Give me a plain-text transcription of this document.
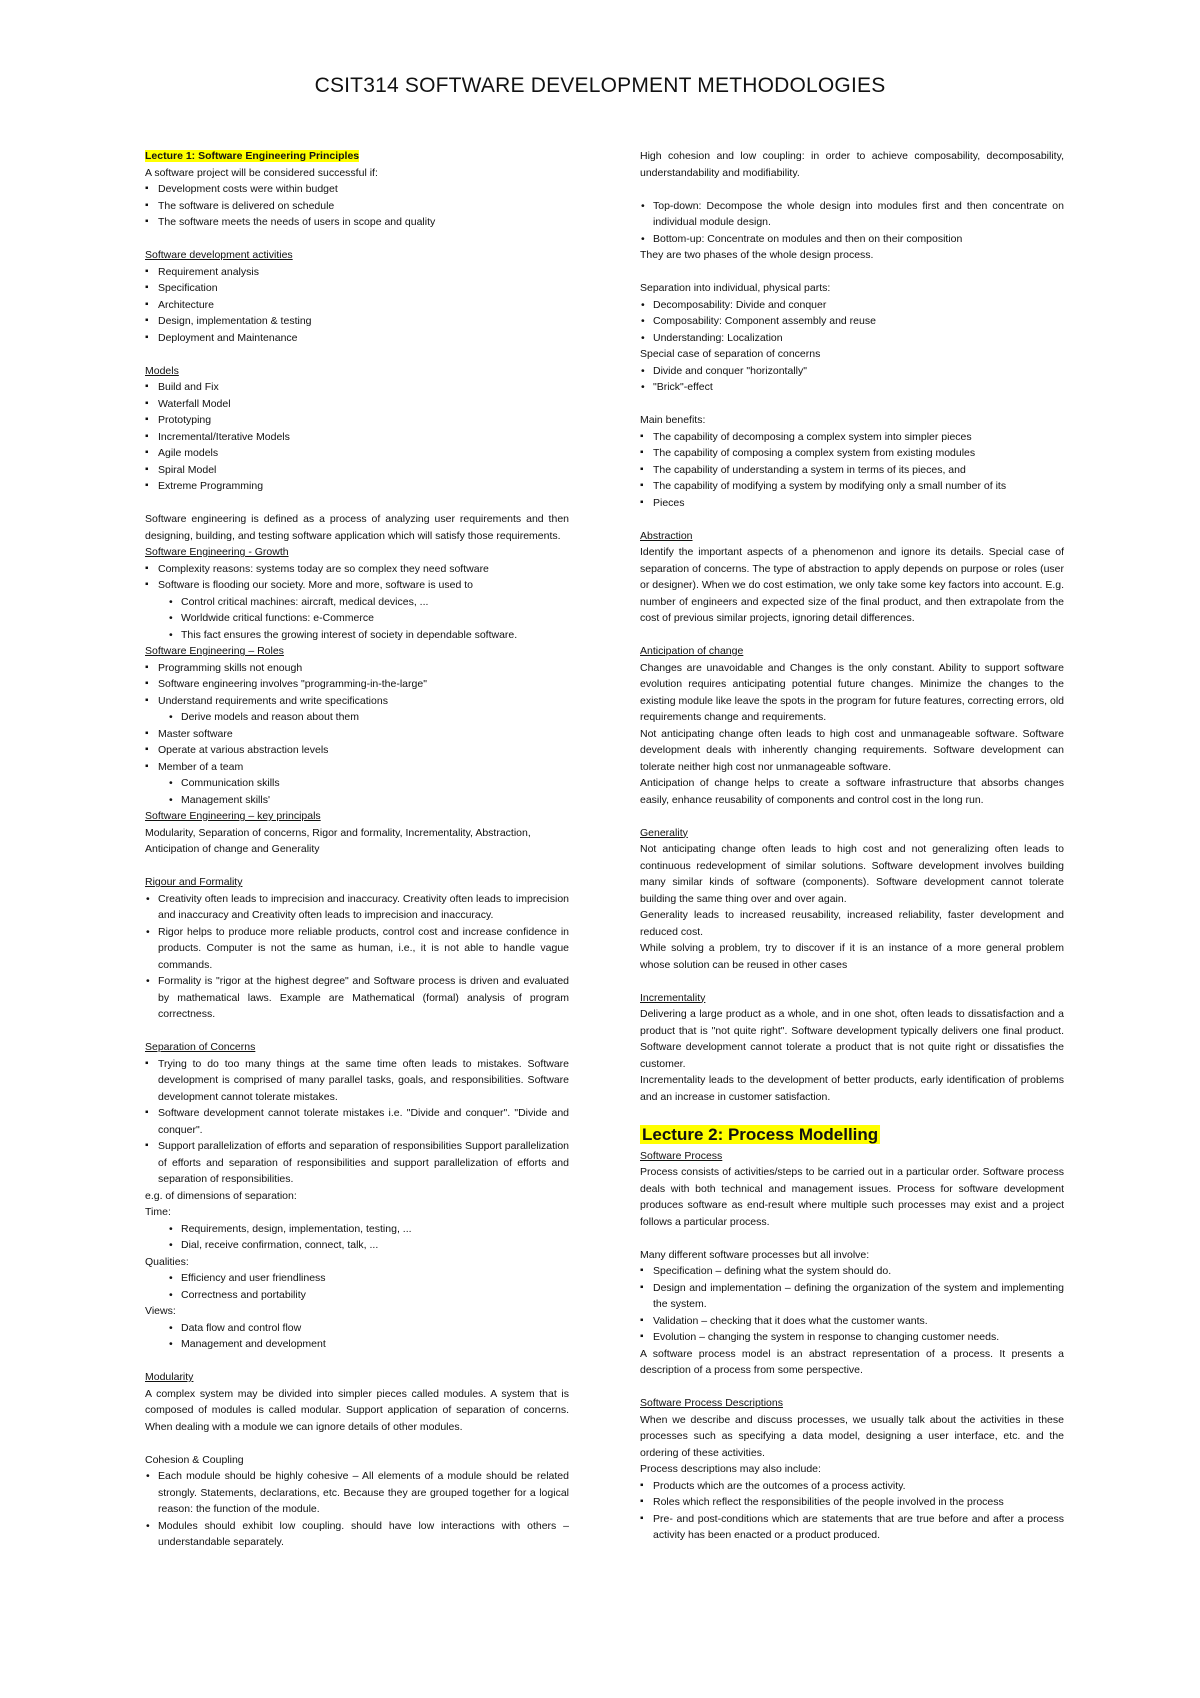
CSIT314 SOFTWARE DEVELOPMENT METHODOLOGIES
Lecture 1: Software Engineering Principles
A software project will be considered successful if:
▪ Development costs were within budget
▪ The software is delivered on schedule
▪ The software meets the needs of users in scope and quality
Software development activities
▪ Requirement analysis
▪ Specification
▪ Architecture
▪ Design, implementation & testing
▪ Deployment and Maintenance
Models
▪ Build and Fix
▪ Waterfall Model
▪ Prototyping
▪ Incremental/Iterative Models
▪ Agile models
▪ Spiral Model
▪ Extreme Programming
Software engineering is defined as a process of analyzing user requirements and then designing, building, and testing software application which will satisfy those requirements.
Software Engineering - Growth
▪ Complexity reasons: systems today are so complex they need software
▪ Software is flooding our society. More and more, software is used to
• Control critical machines: aircraft, medical devices, ...
• Worldwide critical functions: e-Commerce
• This fact ensures the growing interest of society in dependable software.
Software Engineering – Roles
▪ Programming skills not enough
▪ Software engineering involves "programming-in-the-large"
▪ Understand requirements and write specifications
• Derive models and reason about them
▪ Master software
▪ Operate at various abstraction levels
▪ Member of a team
• Communication skills
• Management skills'
Software Engineering – key principals
Modularity, Separation of concerns, Rigor and formality, Incrementality, Abstraction, Anticipation of change and Generality
Rigour and Formality
• Creativity often leads to imprecision and inaccuracy. Creativity often leads to imprecision and inaccuracy and Creativity often leads to imprecision and inaccuracy.
• Rigor helps to produce more reliable products, control cost and increase confidence in products. Computer is not the same as human, i.e., it is not able to handle vague commands.
• Formality is "rigor at the highest degree" and Software process is driven and evaluated by mathematical laws. Example are Mathematical (formal) analysis of program correctness.
Separation of Concerns
▪ Trying to do too many things at the same time often leads to mistakes. Software development is comprised of many parallel tasks, goals, and responsibilities. Software development cannot tolerate mistakes.
▪ Software development cannot tolerate mistakes i.e. "Divide and conquer". "Divide and conquer".
▪ Support parallelization of efforts and separation of responsibilities Support parallelization of efforts and separation of responsibilities and support parallelization of efforts and separation of responsibilities.
e.g. of dimensions of separation:
Time:
• Requirements, design, implementation, testing, ...
• Dial, receive confirmation, connect, talk, ...
Qualities:
• Efficiency and user friendliness
• Correctness and portability
Views:
• Data flow and control flow
• Management and development
Modularity
A complex system may be divided into simpler pieces called modules. A system that is composed of modules is called modular. Support application of separation of concerns. When dealing with a module we can ignore details of other modules.
Cohesion & Coupling
• Each module should be highly cohesive – All elements of a module should be related strongly. Statements, declarations, etc. Because they are grouped together for a logical reason: the function of the module.
• Modules should exhibit low coupling. should have low interactions with others – understandable separately.
High cohesion and low coupling: in order to achieve composability, decomposability, understandability and modifiability.
• Top-down: Decompose the whole design into modules first and then concentrate on individual module design.
• Bottom-up: Concentrate on modules and then on their composition
They are two phases of the whole design process.
Separation into individual, physical parts:
• Decomposability: Divide and conquer
• Composability: Component assembly and reuse
• Understanding: Localization
Special case of separation of concerns
• Divide and conquer "horizontally"
• "Brick"-effect
Main benefits:
▪ The capability of decomposing a complex system into simpler pieces
▪ The capability of composing a complex system from existing modules
▪ The capability of understanding a system in terms of its pieces, and
▪ The capability of modifying a system by modifying only a small number of its
▪ Pieces
Abstraction
Identify the important aspects of a phenomenon and ignore its details. Special case of separation of concerns. The type of abstraction to apply depends on purpose or roles (user or designer). When we do cost estimation, we only take some key factors into account. E.g. number of engineers and expected size of the final product, and then extrapolate from the cost of previous similar projects, ignoring detail differences.
Anticipation of change
Changes are unavoidable and Changes is the only constant. Ability to support software evolution requires anticipating potential future changes. Minimize the changes to the existing module like leave the spots in the program for future features, correcting errors, old requirements change and requirements.
Not anticipating change often leads to high cost and unmanageable software. Software development deals with inherently changing requirements. Software development can tolerate neither high cost nor unmanageable software.
Anticipation of change helps to create a software infrastructure that absorbs changes easily, enhance reusability of components and control cost in the long run.
Generality
Not anticipating change often leads to high cost and not generalizing often leads to continuous redevelopment of similar solutions. Software development involves building many similar kinds of software (components). Software development cannot tolerate building the same thing over and over again.
Generality leads to increased reusability, increased reliability, faster development and reduced cost.
While solving a problem, try to discover if it is an instance of a more general problem whose solution can be reused in other cases
Incrementality
Delivering a large product as a whole, and in one shot, often leads to dissatisfaction and a product that is "not quite right". Software development typically delivers one final product. Software development cannot tolerate a product that is not quite right or dissatisfies the customer.
Incrementality leads to the development of better products, early identification of problems and an increase in customer satisfaction.
Lecture 2: Process Modelling
Software Process
Process consists of activities/steps to be carried out in a particular order. Software process deals with both technical and management issues. Process for software development produces software as end-result where multiple such processes may exist and a project follows a particular process.
Many different software processes but all involve:
▪ Specification – defining what the system should do.
▪ Design and implementation – defining the organization of the system and implementing the system.
▪ Validation – checking that it does what the customer wants.
▪ Evolution – changing the system in response to changing customer needs.
A software process model is an abstract representation of a process. It presents a description of a process from some perspective.
Software Process Descriptions
When we describe and discuss processes, we usually talk about the activities in these processes such as specifying a data model, designing a user interface, etc. and the ordering of these activities.
Process descriptions may also include:
▪ Products which are the outcomes of a process activity.
▪ Roles which reflect the responsibilities of the people involved in the process
▪ Pre- and post-conditions which are statements that are true before and after a process activity has been enacted or a product produced.
